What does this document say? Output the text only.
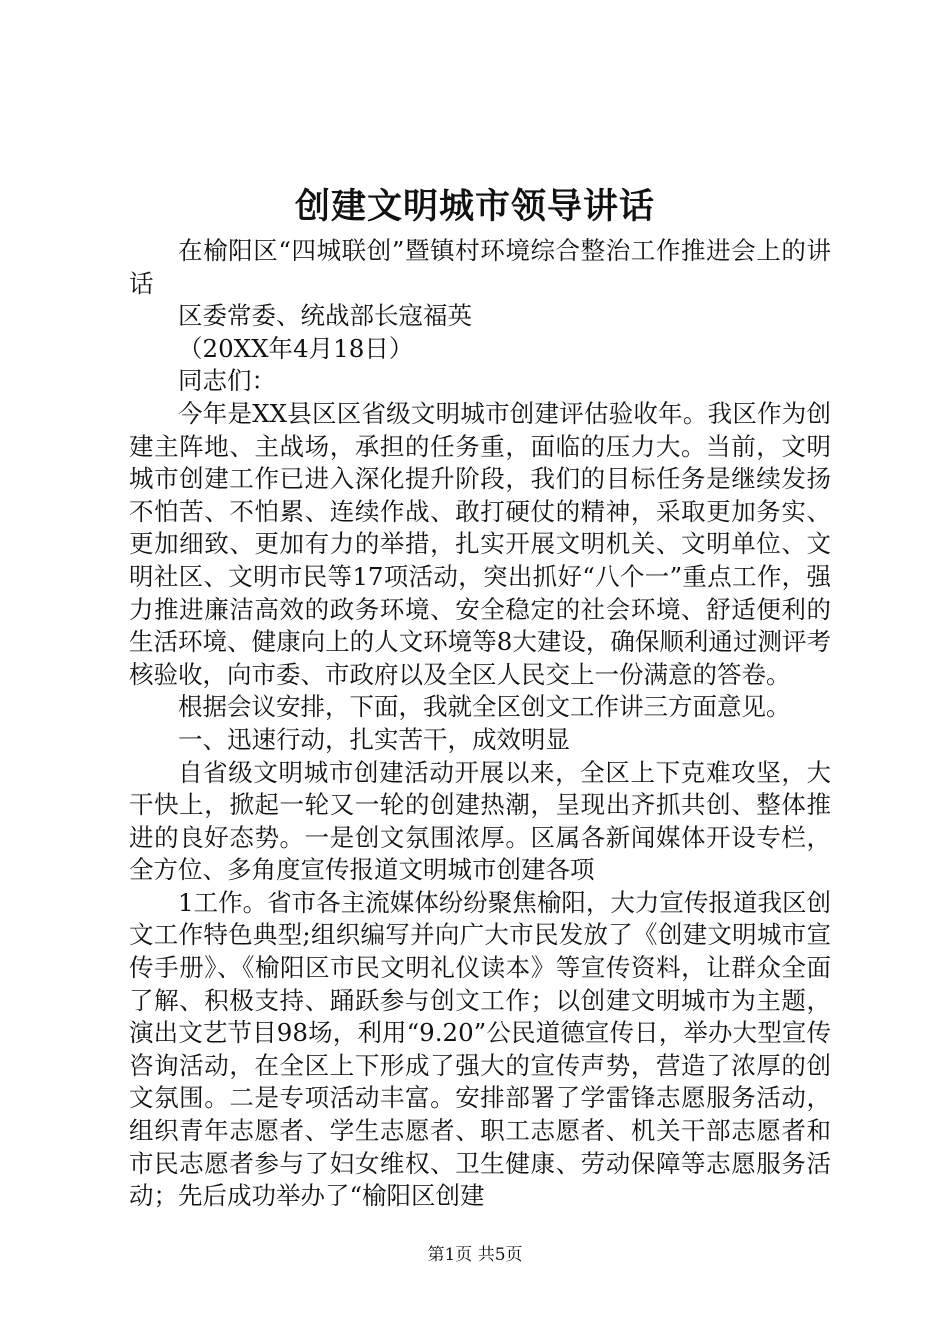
创建文明城市领导讲话

在榆阳区“四城联创”暨镇村环境综合整治工作推进会上的讲话

区委常委、统战部长寇福英

（20XX年4月18日）

同志们：

今年是XX县区区省级文明城市创建评估验收年。我区作为创建主阵地、主战场，承担的任务重，面临的压力大。当前，文明城市创建工作已进入深化提升阶段，我们的目标任务是继续发扬不怕苦、不怕累、连续作战、敢打硬仗的精神，采取更加务实、更加细致、更加有力的举措，扎实开展文明机关、文明单位、文明社区、文明市民等17项活动，突出抓好“八个一”重点工作，强力推进廉洁高效的政务环境、安全稳定的社会环境、舒适便利的生活环境、健康向上的人文环境等8大建设，确保顺利通过测评考核验收，向市委、市政府以及全区人民交上一份满意的答卷。

根据会议安排，下面，我就全区创文工作讲三方面意见。

一、迅速行动，扎实苦干，成效明显

自省级文明城市创建活动开展以来，全区上下克难攻坚，大干快上，掀起一轮又一轮的创建热潮，呈现出齐抓共创、整体推进的良好态势。一是创文氛围浓厚。区属各新闻媒体开设专栏，全方位、多角度宣传报道文明城市创建各项

1工作。省市各主流媒体纷纷聚焦榆阳，大力宣传报道我区创文工作特色典型;组织编写并向广大市民发放了《创建文明城市宣传手册》、《榆阳区市民文明礼仪读本》等宣传资料，让群众全面了解、积极支持、踊跃参与创文工作；以创建文明城市为主题，演出文艺节目98场，利用“9.20”公民道德宣传日，举办大型宣传咨询活动，在全区上下形成了强大的宣传声势，营造了浓厚的创文氛围。二是专项活动丰富。安排部署了学雷锋志愿服务活动，组织青年志愿者、学生志愿者、职工志愿者、机关干部志愿者和市民志愿者参与了妇女维权、卫生健康、劳动保障等志愿服务活动；先后成功举办了“榆阳区创建

第1页 共5页
